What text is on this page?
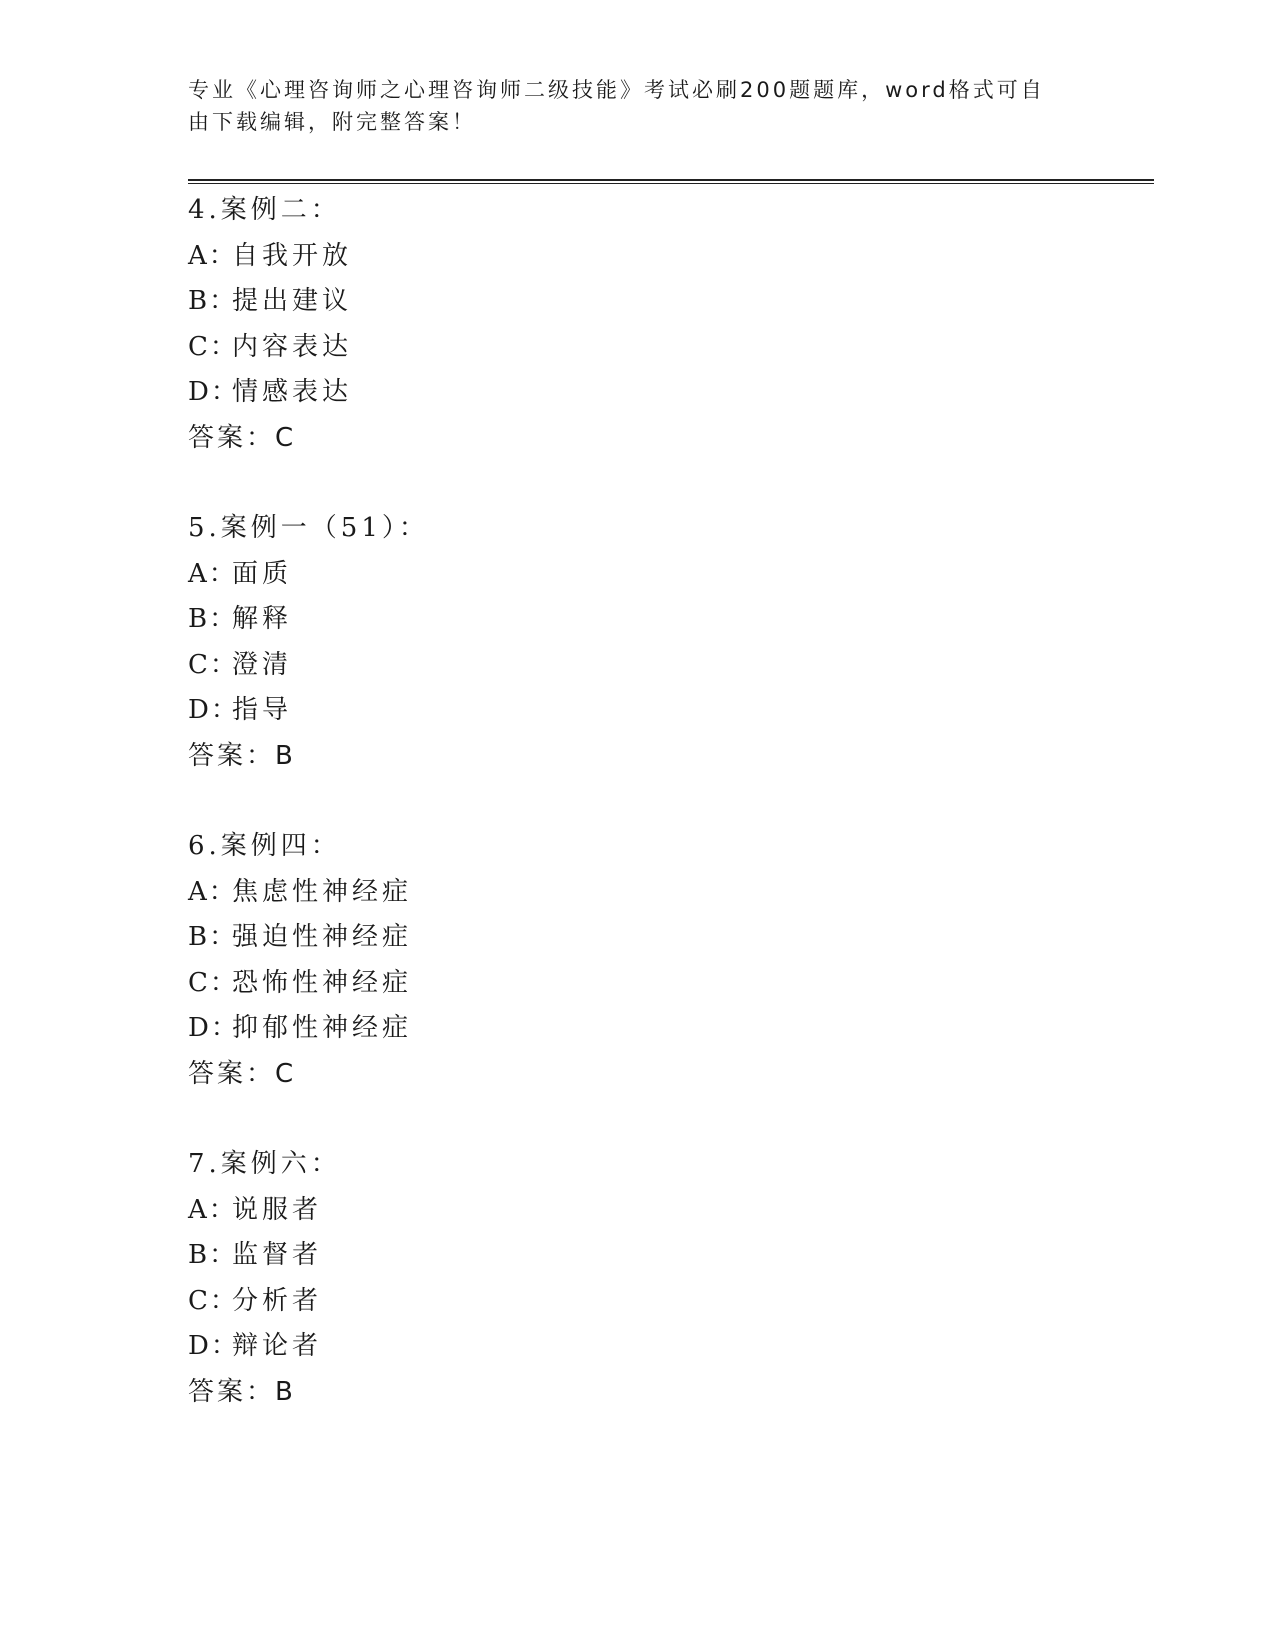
专业《心理咨询师之心理咨询师二级技能》考试必刷200题题库，word格式可自由下载编辑，附完整答案！

4.案例二：
A：自我开放
B：提出建议
C：内容表达
D：情感表达
答案：C
5.案例一（51）：
A：面质
B：解释
C：澄清
D：指导
答案：B
6.案例四：
A：焦虑性神经症
B：强迫性神经症
C：恐怖性神经症
D：抑郁性神经症
答案：C
7.案例六：
A：说服者
B：监督者
C：分析者
D：辩论者
答案：B
